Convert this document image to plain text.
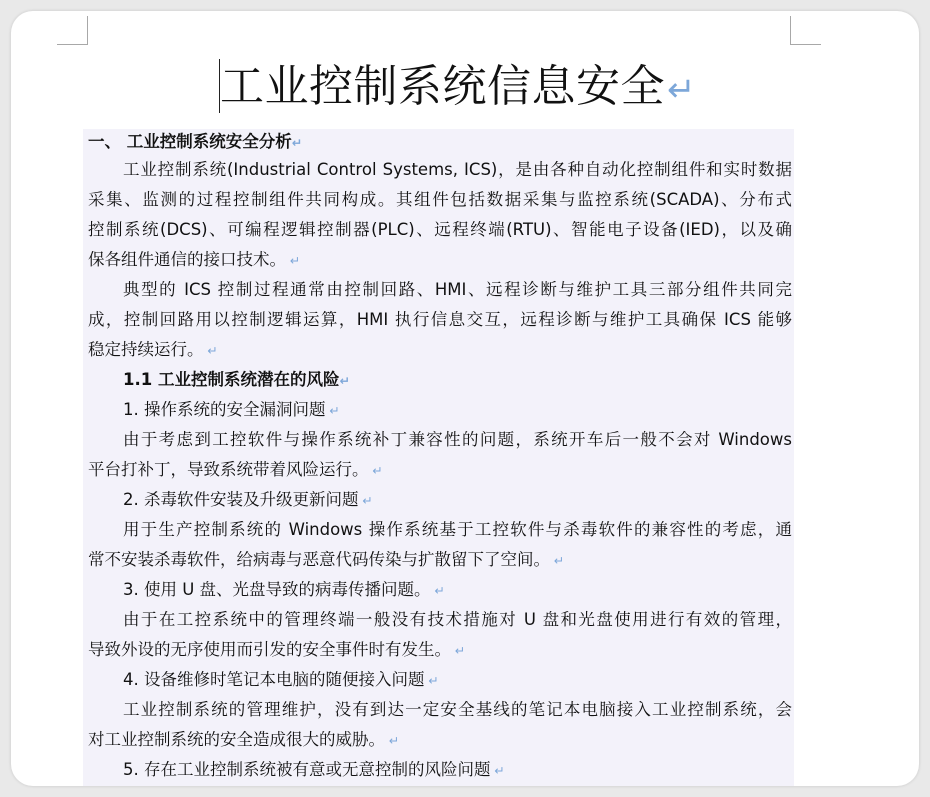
工业控制系统信息安全↵
一、 工业控制系统安全分析↵
工业控制系统(Industrial Control Systems, ICS)，是由各种自动化控制组件和实时数据
采集、监测的过程控制组件共同构成。其组件包括数据采集与监控系统(SCADA)、分布式
控制系统(DCS)、可编程逻辑控制器(PLC)、远程终端(RTU)、智能电子设备(IED)，以及确
保各组件通信的接口技术。 ↵
典型的 ICS 控制过程通常由控制回路、HMI、远程诊断与维护工具三部分组件共同完
成，控制回路用以控制逻辑运算，HMI 执行信息交互，远程诊断与维护工具确保 ICS 能够
稳定持续运行。 ↵
1.1 工业控制系统潜在的风险↵
1. 操作系统的安全漏洞问题 ↵
由于考虑到工控软件与操作系统补丁兼容性的问题，系统开车后一般不会对 Windows
平台打补丁，导致系统带着风险运行。 ↵
2. 杀毒软件安装及升级更新问题 ↵
用于生产控制系统的 Windows 操作系统基于工控软件与杀毒软件的兼容性的考虑，通
常不安装杀毒软件，给病毒与恶意代码传染与扩散留下了空间。 ↵
3. 使用 U 盘、光盘导致的病毒传播问题。 ↵
由于在工控系统中的管理终端一般没有技术措施对 U 盘和光盘使用进行有效的管理，
导致外设的无序使用而引发的安全事件时有发生。 ↵
4. 设备维修时笔记本电脑的随便接入问题 ↵
工业控制系统的管理维护，没有到达一定安全基线的笔记本电脑接入工业控制系统，会
对工业控制系统的安全造成很大的威胁。 ↵
5. 存在工业控制系统被有意或无意控制的风险问题 ↵
